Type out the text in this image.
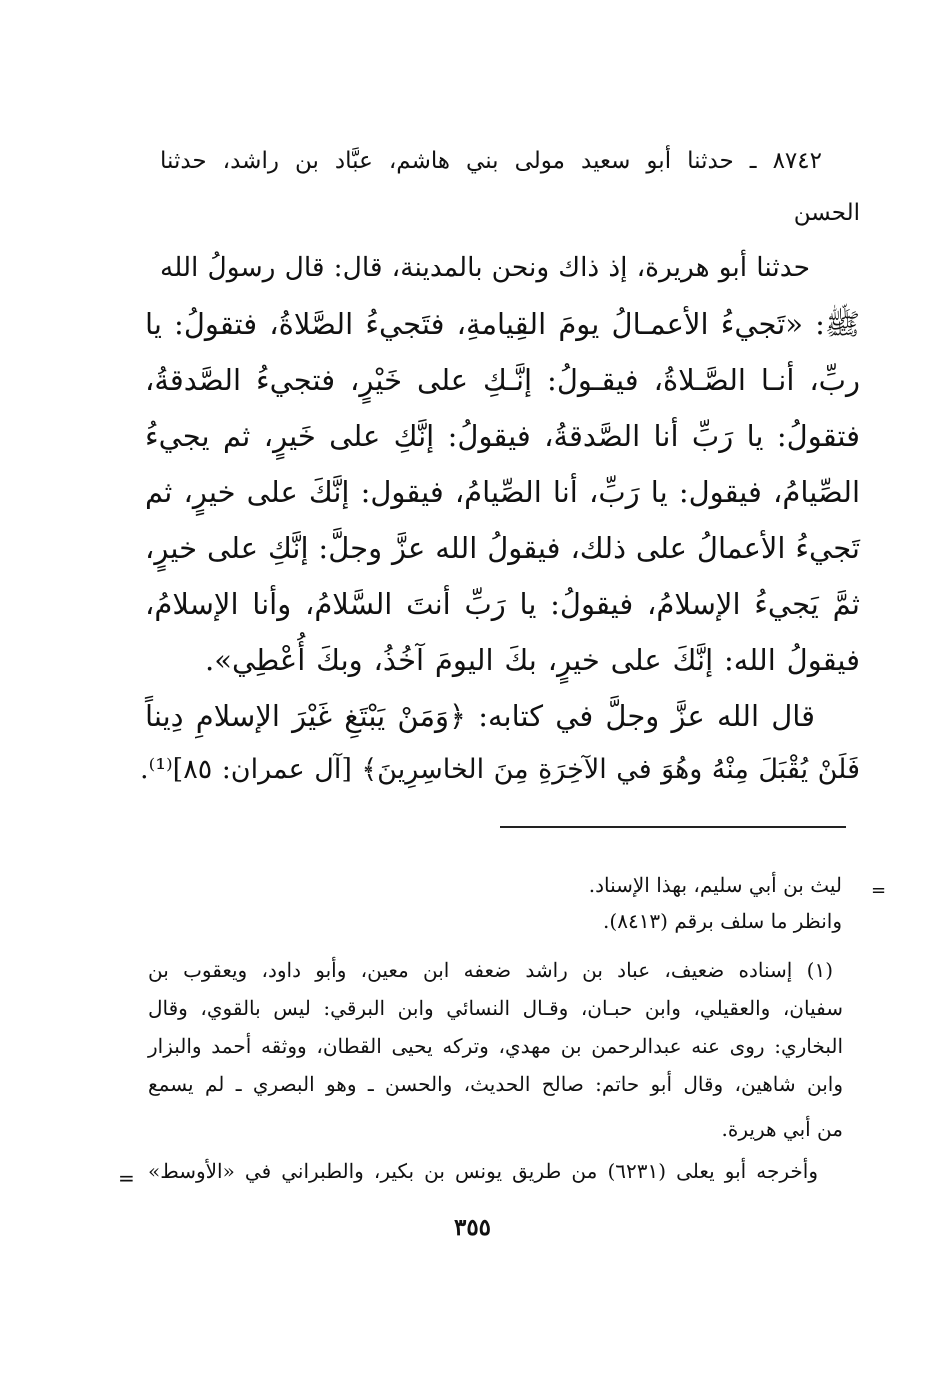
٨٧٤٢ ـ حدثنا أبو سعيد مولى بني هاشم، عبَّاد بن راشد، حدثنا
الحسن
حدثنا أبو هريرة، إذ ذاك ونحن بالمدينة، قال: قال رسولُ الله
ﷺ: «تَجيءُ الأعمـالُ يومَ القِيامةِ، فتَجيءُ الصَّلاةُ، فتقولُ: يا
ربِّ، أنـا الصَّـلاةُ، فيقـولُ: إنَّـكِ على خَيْرٍ، فتجيءُ الصَّدقةُ،
فتقولُ: يا رَبِّ أنا الصَّدقةُ، فيقولُ: إنَّكِ على خَيرٍ، ثم يجيءُ
الصِّيامُ، فيقول: يا رَبِّ، أنا الصِّيامُ، فيقول: إنَّكَ على خيرٍ، ثم
تَجيءُ الأعمالُ على ذلك، فيقولُ الله عزَّ وجلَّ: إنَّكِ على خيرٍ،
ثمَّ يَجيءُ الإسلامُ، فيقولُ: يا رَبِّ أنتَ السَّلامُ، وأنا الإسلامُ،
فيقولُ الله: إنَّكَ على خيرٍ، بكَ اليومَ آخُذُ، وبكَ أُعْطِي».
قال الله عزَّ وجلَّ في كتابه: ﴿وَمَنْ يَبْتَغِ غَيْرَ الإسلامِ دِيناً
فَلَنْ يُقْبَلَ مِنْهُ وهُوَ في الآخِرَةِ مِنَ الخاسِرِينَ﴾ [آل عمران: ٨٥]⁽¹⁾.
=
ليث بن أبي سليم، بهذا الإسناد.
وانظر ما سلف برقم (٨٤١٣).
(١) إسناده ضعيف، عباد بن راشد ضعفه ابن معين، وأبو داود، ويعقوب بن
سفيان، والعقيلي، وابن حبـان، وقـال النسائي وابن البرقي: ليس بالقوي، وقال
البخاري: روى عنه عبدالرحمن بن مهدي، وتركه يحيى القطان، ووثقه أحمد والبزار
وابن شاهين، وقال أبو حاتم: صالح الحديث، والحسن ـ وهو البصري ـ لم يسمع
من أبي هريرة.
وأخرجه أبو يعلى (٦٢٣١) من طريق يونس بن بكير، والطبراني في «الأوسط»
=
٣٥٥
